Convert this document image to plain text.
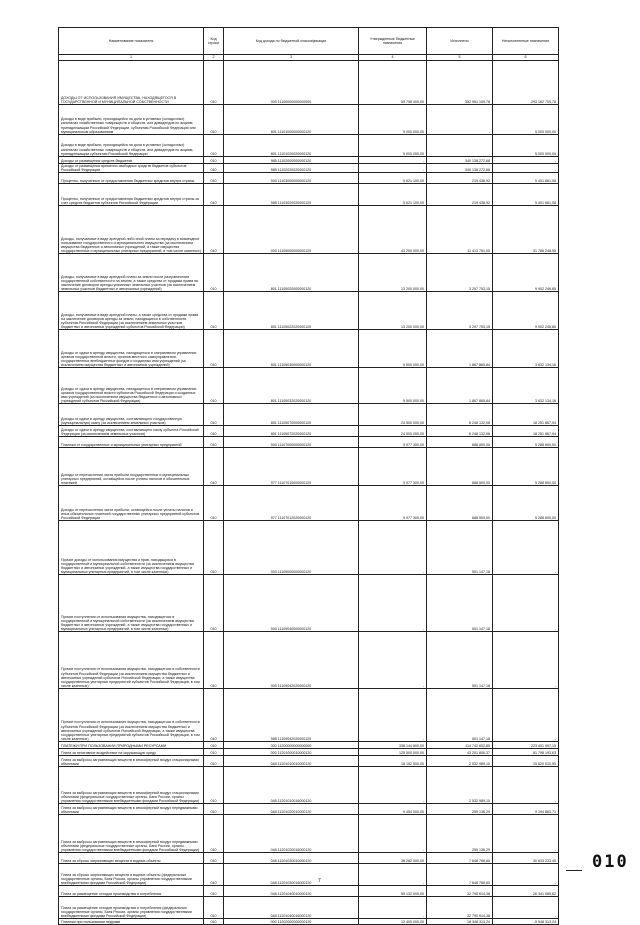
Наименование показателя	Код строки	Код дохода по бюджетной классификации	Утвержденные бюджетные назначения	Исполнено	Неисполненные назначения
1	2	3	4	5	6
ДОХОДЫ ОТ ИСПОЛЬЗОВАНИЯ ИМУЩЕСТВА, НАХОДЯЩЕГОСЯ В ГОСУДАРСТВЕННОЙ И МУНИЦИПАЛЬНОЙ СОБСТВЕННОСТИ	010	000 11100000000000000	59 798 400,00	352 961 109,78	-293 162 709,78
Доходы в виде прибыли, приходящейся на доли в уставных (складочных) капиталах хозяйственных товариществ и обществ, или дивидендов по акциям, принадлежащим Российской Федерации, субъектам Российской Федерации или муниципальным образованиям	010	801 11101000000000120	5 000 000,00	-	5 000 000,00
Доходы в виде прибыли, приходящейся на доли в уставных (складочных) капиталах хозяйственных товариществ и обществ, или дивидендов по акциям, принадлежащим субъектам Российской Федерации	010	801 11101020020000120	5 000 000,00	-	5 000 000,00
Доходы от размещения средств бюджетов	010	985 11102000000000120	-	340 138 272,68	-
Доходы от размещения временно свободных средств бюджетов субъектов Российской Федерации	010	985 11102020020000120	-	340 138 272,68	-
Проценты, полученные от предоставления бюджетных кредитов внутри страны	010	000 11103000000000120	5 621 100,00	219 438,92	5 401 661,08
Проценты, полученные от предоставления бюджетных кредитов внутри страны за счет средств бюджетов субъектов Российской Федерации	010	985 11103020020000120	5 621 100,00	219 438,92	5 401 661,08
Доходы, получаемые в виде арендной либо иной платы за передачу в возмездное пользование государственного и муниципального имущества (за исключением имущества бюджетных и автономных учреждений, а также имущества государственных и муниципальных унитарных предприятий, в том числе казенных)	010	000 11105000000000120	43 200 000,00	11 413 751,05	31 786 248,95
Доходы, получаемые в виде арендной платы за земли после разграничения государственной собственности на землю, а также средства от продажи права на заключение договоров аренды указанных земельных участков (за исключением земельных участков бюджетных и автономных учреждений)	010	801 11105020000000120	13 200 000,00	3 297 753,15	9 902 246,85
Доходы, получаемые в виде арендной платы, а также средства от продажи права на заключение договоров аренды за земли, находящиеся в собственности субъектов Российской Федерации (за исключением земельных участков бюджетных и автономных учреждений субъектов Российской Федерации)	010	801 11105022020000120	13 200 000,00	3 297 753,15	9 902 246,85
Доходы от сдачи в аренду имущества, находящегося в оперативном управлении органов государственной власти, органов местного самоуправления, государственных внебюджетных фондов и созданных ими учреждений (за исключением имущества бюджетных и автономных учреждений)	010	801 11105030000000120	5 500 000,00	1 867 865,84	3 632 134,16
Доходы от сдачи в аренду имущества, находящегося в оперативном управлении органов государственной власти субъектов Российской Федерации и созданных ими учреждений (за исключением имущества бюджетных и автономных учреждений субъектов Российской Федерации)	010	801 11105032020000120	5 500 000,00	1 867 865,84	3 632 134,16
Доходы от сдачи в аренду имущества, составляющего государственную (муниципальную) казну (за исключением земельных участков)	010	801 11105070000000120	24 500 000,00	6 248 132,06	18 251 867,94
Доходы от сдачи в аренду имущества, составляющего казну субъекта Российской Федерации (за исключением земельных участков)	010	801 11105072020000120	24 500 000,00	6 248 132,06	18 251 867,94
Платежи от государственных и муниципальных унитарных предприятий	010	000 11107000000000120	5 977 300,00	688 500,00	5 288 800,00
Доходы от перечисления части прибыли государственных и муниципальных унитарных предприятий, остающейся после уплаты налогов и обязательных платежей	010	977 11107010000000120	5 977 300,00	688 500,00	5 288 800,00
Доходы от перечисления части прибыли, остающейся после уплаты налогов и иных обязательных платежей государственных унитарных предприятий субъектов Российской Федерации	010	977 11107012020000120	5 977 300,00	688 500,00	5 288 800,00
Прочие доходы от использования имущества и прав, находящихся в государственной и муниципальной собственности (за исключением имущества бюджетных и автономных учреждений, а также имущества государственных и муниципальных унитарных предприятий, в том числе казенных)	010	000 11109000000000120	-	501 147,18	-
Прочие поступления от использования имущества, находящегося в государственной и муниципальной собственности (за исключением имущества бюджетных и автономных учреждений, а также имущества государственных и муниципальных унитарных предприятий, в том числе казенных)	010	000 11109040000000120	-	501 147,18	-
Прочие поступления от использования имущества, находящегося в собственности субъектов Российской Федерации (за исключением имущества бюджетных и автономных учреждений субъектов Российской Федерации, а также имущества государственных унитарных предприятий субъектов Российской Федерации, в том числе казенных)	010	000 11109042020000120	-	501 147,18	-
Прочие поступления от использования имущества, находящегося в собственности субъектов Российской Федерации (за исключением имущества бюджетных и автономных учреждений субъектов Российской Федерации, а также имущества государственных унитарных предприятий субъектов Российской Федерации, в том числе казенных)	010	985 11109042020000120	-	501 147,18	-
ПЛАТЕЖИ ПРИ ПОЛЬЗОВАНИИ ПРИРОДНЫМИ РЕСУРСАМИ	010	000 11200000000000000	338 144 600,00	114 742 602,85	223 401 997,15
Плата за негативное воздействие на окружающую среду	010	000 11201000010000120	125 500 000,00	43 201 806,37	81 798 193,63
Плата за выбросы загрязняющих веществ в атмосферный воздух стационарными объектами	010	048 11201010010000120	18 152 000,00	2 532 989,10	15 620 010,90
Плата за выбросы загрязняющих веществ в атмосферный воздух стационарными объектами (федеральные государственные органы, Банк России, органы управления государственными внебюджетными фондами Российской Федерации)	010	048 11201010016000120	-	2 532 989,10	-
Плата за выбросы загрязняющих веществ в атмосферный воздух передвижными объектами	010	048 11201020010000120	9 454 000,00	259 136,29	9 194 863,71
Плата за выбросы загрязняющих веществ в атмосферный воздух передвижными объектами (федеральные государственные органы, Банк России, органы управления государственными внебюджетными фондами Российской Федерации)	010	048 11201020016000120	-	259 136,29	-
Плата за сбросы загрязняющих веществ в водные объекты	010	048 11201030010000120	38 282 000,00	7 648 766,60	30 633 233,40
Плата за сбросы загрязняющих веществ в водные объекты (федеральные государственные органы, Банк России, органы управления государственными внебюджетными фондами Российской Федерации)	010	048 11201030016000120	-	7 648 766,60	-
Плата за размещение отходов производства и потребления	010	048 11201040010000120	59 132 000,00	32 790 914,38	26 341 085,62
Плата за размещение отходов производства и потребления (федеральные государственные органы, Банк России, органы управления государственными внебюджетными фондами Российской Федерации)	010	048 11201040016000120	-	32 790 914,38	-
Платежи при пользовании недрами	010	000 11202000000000120	12 400 000,00	18 348 313,24	-5 948 313,24
010
7
